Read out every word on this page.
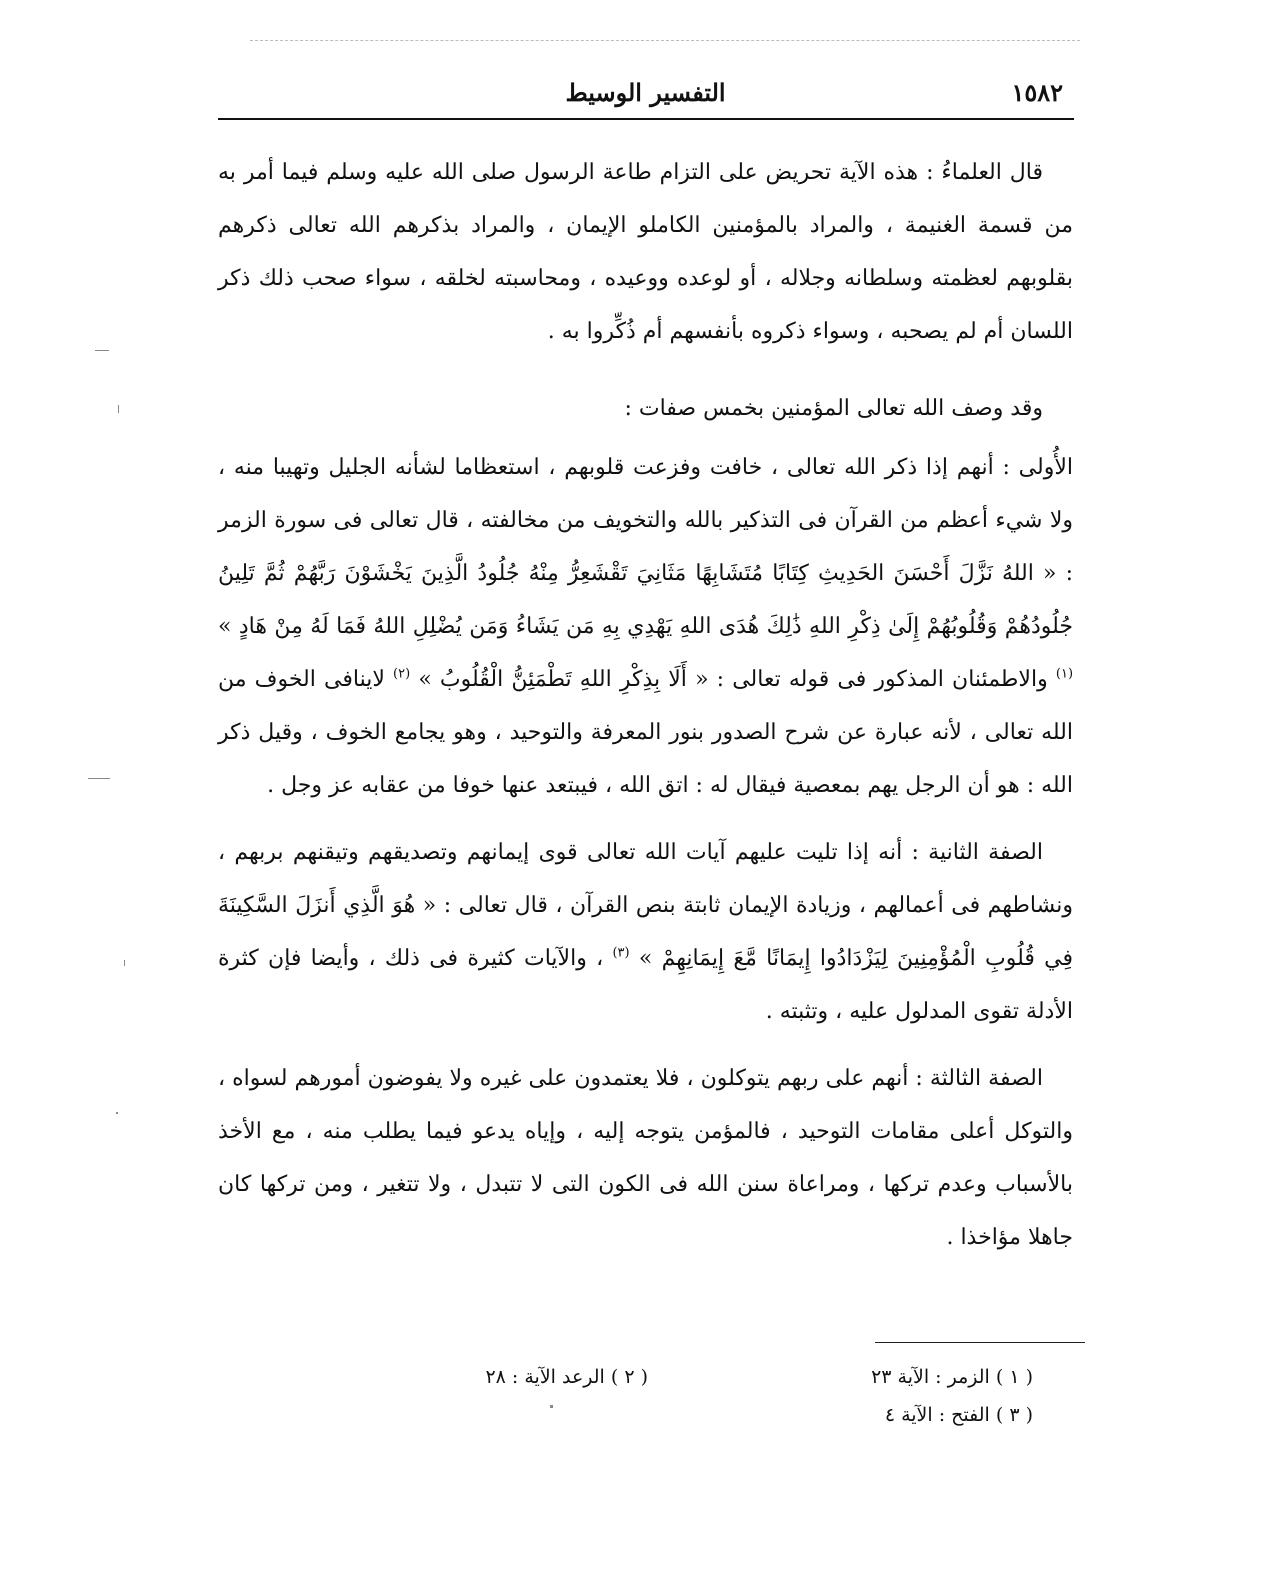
١٥٨٢
التفسير الوسيط

قال العلماءُ : هذه الآية تحريض على التزام طاعة الرسول صلى الله عليه وسلم فيما أمر به من قسمة الغنيمة ، والمراد بالمؤمنين الكاملو الإيمان ، والمراد بذكرهم الله تعالى ذكرهم بقلوبهم لعظمته وسلطانه وجلاله ، أو لوعده ووعيده ، ومحاسبته لخلقه ، سواء صحب ذلك ذكر اللسان أم لم يصحبه ، وسواء ذكروه بأنفسهم أم ذُكِّروا به .

وقد وصف الله تعالى المؤمنين بخمس صفات :

الأُولى : أنهم إذا ذكر الله تعالى ، خافت وفزعت قلوبهم ، استعظاما لشأنه الجليل وتهيبا منه ، ولا شيء أعظم من القرآن فى التذكير بالله والتخويف من مخالفته ، قال تعالى فى سورة الزمر : « اللهُ نَزَّلَ أَحْسَنَ الحَدِيثِ كِتَابًا مُتَشَابِهًا مَثَانِيَ تَقْشَعِرُّ مِنْهُ جُلُودُ الَّذِينَ يَخْشَوْنَ رَبَّهُمْ ثُمَّ تَلِينُ جُلُودُهُمْ وَقُلُوبُهُمْ إِلَىٰ ذِكْرِ اللهِ ذَٰلِكَ هُدَى اللهِ يَهْدِي بِهِ مَن يَشَاءُ وَمَن يُضْلِلِ اللهُ فَمَا لَهُ مِنْ هَادٍ » $^{(١)}$ والاطمئنان المذكور فى قوله تعالى : « أَلَا بِذِكْرِ اللهِ تَطْمَئِنُّ الْقُلُوبُ » $^{(٢)}$ لاينافى الخوف من الله تعالى ، لأنه عبارة عن شرح الصدور بنور المعرفة والتوحيد ، وهو يجامع الخوف ، وقيل ذكر الله : هو أن الرجل يهم بمعصية فيقال له : اتق الله ، فيبتعد عنها خوفا من عقابه عز وجل .

الصفة الثانية : أنه إذا تليت عليهم آيات الله تعالى قوى إيمانهم وتصديقهم وتيقنهم بربهم ، ونشاطهم فى أعمالهم ، وزيادة الإيمان ثابتة بنص القرآن ، قال تعالى : « هُوَ الَّذِي أَنزَلَ السَّكِينَةَ فِي قُلُوبِ الْمُؤْمِنِينَ لِيَزْدَادُوا إِيمَانًا مَّعَ إِيمَانِهِمْ » $^{(٣)}$ ، والآيات كثيرة فى ذلك ، وأيضا فإن كثرة الأدلة تقوى المدلول عليه ، وتثبته .

الصفة الثالثة : أنهم على ربهم يتوكلون ، فلا يعتمدون على غيره ولا يفوضون أمورهم لسواه ، والتوكل أعلى مقامات التوحيد ، فالمؤمن يتوجه إليه ، وإياه يدعو فيما يطلب منه ، مع الأخذ بالأسباب وعدم تركها ، ومراعاة سنن الله فى الكون التى لا تتبدل ، ولا تتغير ، ومن تركها كان جاهلا مؤاخذا .

( ١ ) الزمر : الآية ٢٣
( ٢ ) الرعد الآية : ٢٨
( ٣ ) الفتح : الآية ٤
